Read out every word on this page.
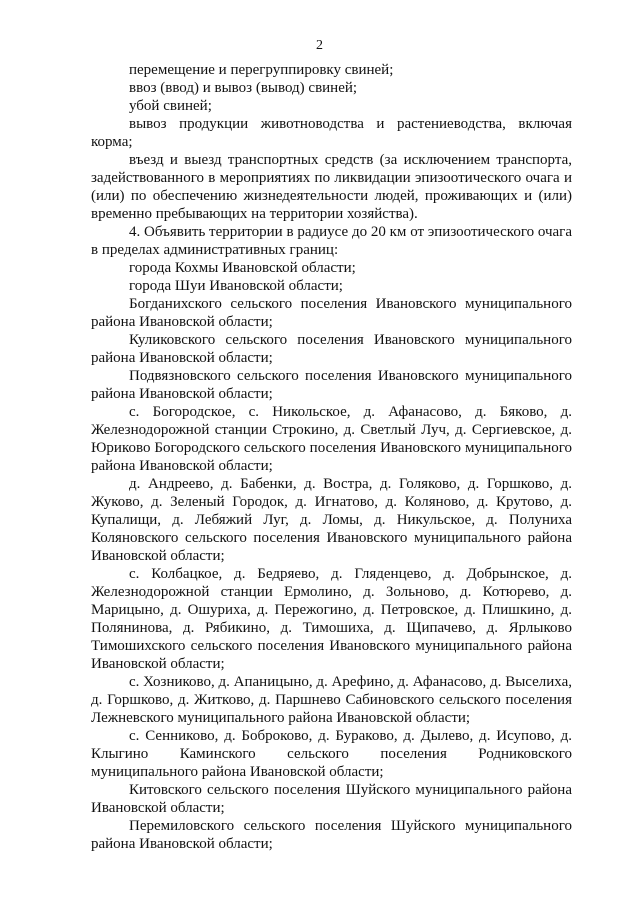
2

перемещение и перегруппировку свиней;

ввоз (ввод) и вывоз (вывод) свиней;

убой свиней;

вывоз продукции животноводства и растениеводства, включая корма;

въезд и выезд транспортных средств (за исключением транспорта, задействованного в мероприятиях по ликвидации эпизоотического очага и (или) по обеспечению жизнедеятельности людей, проживающих и (или) временно пребывающих на территории хозяйства).

4. Объявить территории в радиусе до 20 км от эпизоотического очага в пределах административных границ:

города Кохмы Ивановской области;

города Шуи Ивановской области;

Богданихского сельского поселения Ивановского муниципального района Ивановской области;

Куликовского сельского поселения Ивановского муниципального района Ивановской области;

Подвязновского сельского поселения Ивановского муниципального района Ивановской области;

с. Богородское, с. Никольское, д. Афанасово, д. Бяково, д. Железнодорожной станции Строкино, д. Светлый Луч, д. Сергиевское, д. Юриково Богородского сельского поселения Ивановского муниципального района Ивановской области;

д. Андреево, д. Бабенки, д. Востра, д. Голяково, д. Горшково, д. Жуково, д. Зеленый Городок, д. Игнатово, д. Коляново, д. Крутово, д. Купалищи, д. Лебяжий Луг, д. Ломы, д. Никульское, д. Полуниха Коляновского сельского поселения Ивановского муниципального района Ивановской области;

с. Колбацкое, д. Бедряево, д. Гляденцево, д. Добрынское, д. Железнодорожной станции Ермолино, д. Зольново, д. Котюрево, д. Марицыно, д. Ошуриха, д. Пережогино, д. Петровское, д. Плишкино, д. Полянинова, д. Рябикино, д. Тимошиха, д. Щипачево, д. Ярлыково Тимошихского сельского поселения Ивановского муниципального района Ивановской области;

с. Хозниково, д. Апаницыно, д. Арефино, д. Афанасово, д. Выселиха, д. Горшково, д. Житково, д. Паршнево Сабиновского сельского поселения Лежневского муниципального района Ивановской области;

с. Сенниково, д. Боброково, д. Бураково, д. Дылево, д. Исупово, д. Клыгино Каминского сельского поселения Родниковского муниципального района Ивановской области;

Китовского сельского поселения Шуйского муниципального района Ивановской области;

Перемиловского сельского поселения Шуйского муниципального района Ивановской области;
